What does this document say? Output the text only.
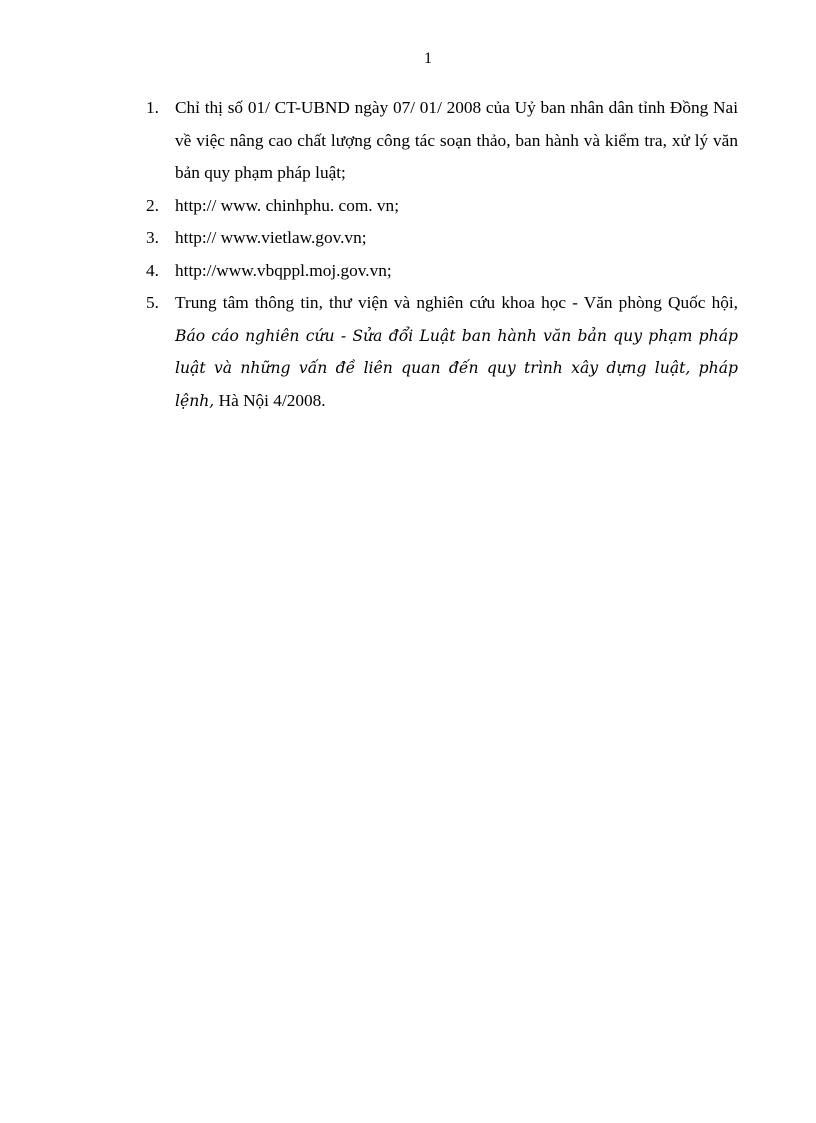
1
1. Chỉ thị số 01/ CT-UBND ngày 07/ 01/ 2008 của Uỷ ban nhân dân tỉnh Đồng Nai về việc nâng cao chất lượng công tác soạn thảo, ban hành và kiểm tra, xử lý văn bản quy phạm pháp luật;
2. http:// www. chinhphu. com. vn;
3. http:// www.vietlaw.gov.vn;
4. http://www.vbqppl.moj.gov.vn;
5. Trung tâm thông tin, thư viện và nghiên cứu khoa học - Văn phòng Quốc hội, Báo cáo nghiên cứu - Sửa đổi Luật ban hành văn bản quy phạm pháp luật và những vấn đề liên quan đến quy trình xây dựng luật, pháp lệnh, Hà Nội 4/2008.
